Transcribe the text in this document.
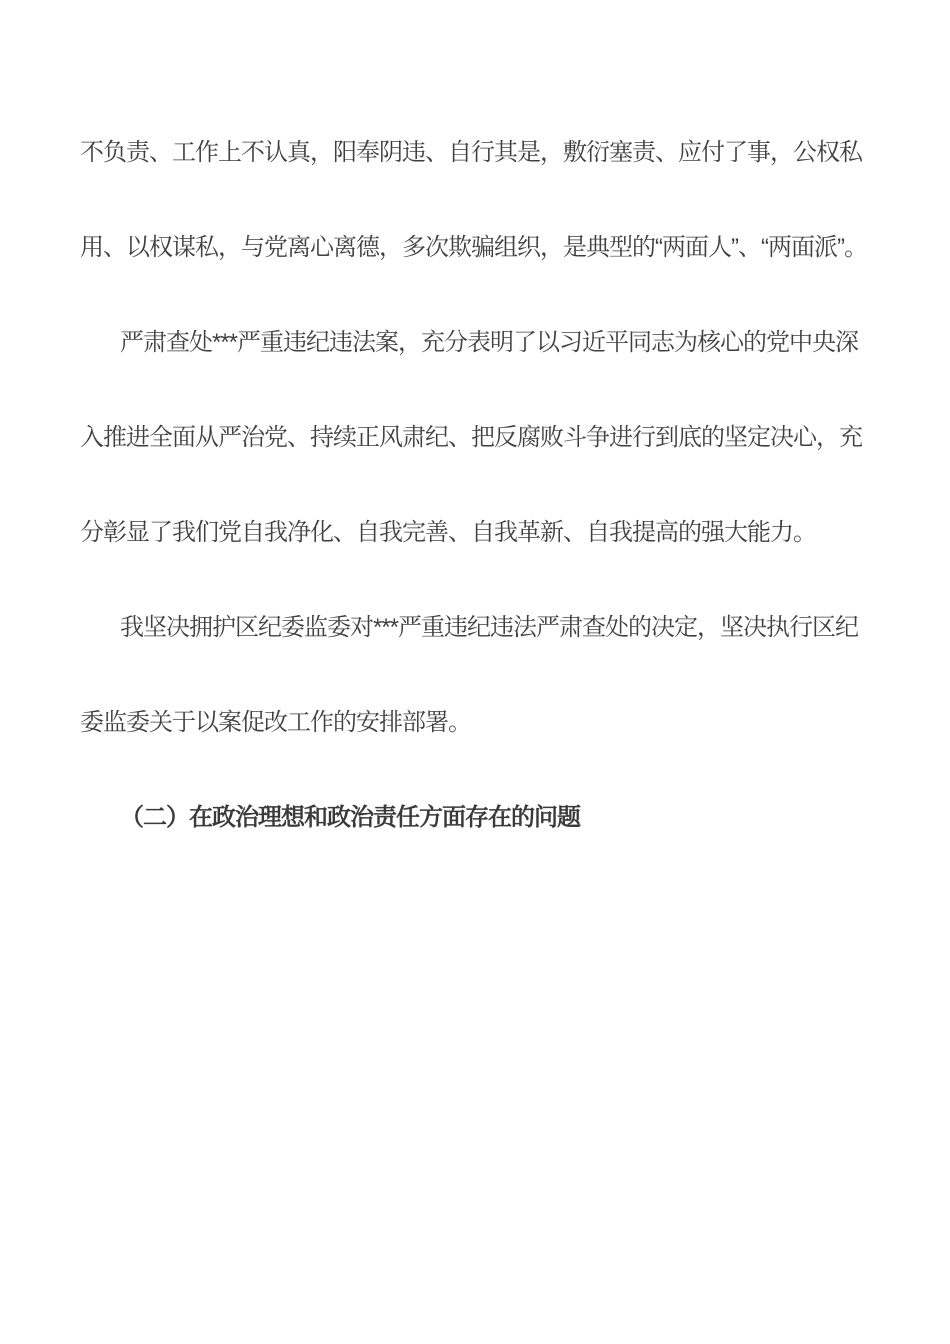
不负责、工作上不认真，阳奉阴违、自行其是，敷衍塞责、应付了事，公权私
用、以权谋私，与党离心离德，多次欺骗组织，是典型的“两面人”、“两面派”。
严肃查处***严重违纪违法案，充分表明了以习近平同志为核心的党中央深
入推进全面从严治党、持续正风肃纪、把反腐败斗争进行到底的坚定决心，充
分彰显了我们党自我净化、自我完善、自我革新、自我提高的强大能力。
我坚决拥护区纪委监委对***严重违纪违法严肃查处的决定，坚决执行区纪
委监委关于以案促改工作的安排部署。
（二）在政治理想和政治责任方面存在的问题
